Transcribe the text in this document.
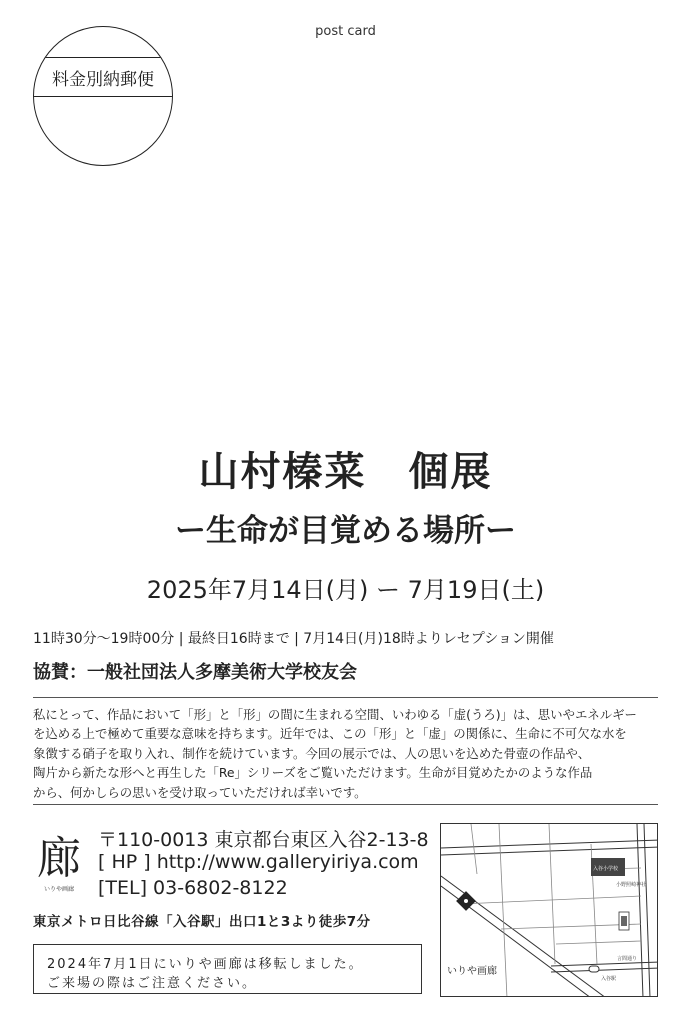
post card
料金別納郵便
山村榛菜　個展
ー生命が目覚める場所ー
2025年7月14日(月) ー 7月19日(土)
11時30分〜19時00分 | 最終日16時まで | 7月14日(月)18時よりレセプション開催
協賛：一般社団法人多摩美術大学校友会
私にとって、作品において「形」と「形」の間に生まれる空間、いわゆる「虚(うろ)」は、思いやエネルギー
を込める上で極めて重要な意味を持ちます。近年では、この「形」と「虚」の関係に、生命に不可欠な水を
象徴する硝子を取り入れ、制作を続けています。今回の展示では、人の思いを込めた骨壺の作品や、
陶片から新たな形へと再生した「Re」シリーズをご覧いただけます。生命が目覚めたかのような作品
から、何かしらの思いを受け取っていただければ幸いです。
廊
いりや画廊
〒110-0013 東京都台東区入谷2-13-8
[ HP ] http://www.galleryiriya.com
[TEL] 03-6802-8122
東京メトロ日比谷線「入谷駅」出口1と3より徒歩7分
2024年7月1日にいりや画廊は移転しました。
ご来場の際はご注意ください。
入谷小学校
小野照崎神社
いりや画廊
入谷駅
言問通り
